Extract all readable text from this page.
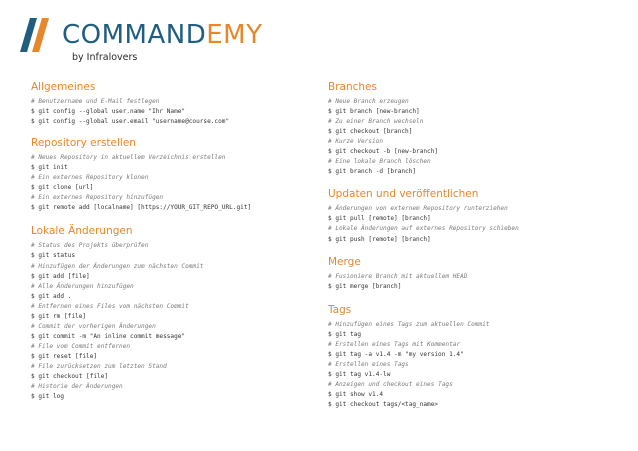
COMMANDEMY
by Infralovers
Allgemeines
# Benutzername und E-Mail festlegen
$ git config --global user.name "Ihr Name"
$ git config --global user.email "username@course.com"
Repository erstellen
# Neues Repository in aktuellem Verzeichnis erstellen
$ git init
# Ein externes Repository klonen
$ git clone [url]
# Ein externes Repository hinzufügen
$ git remote add [localname] [https://YOUR_GIT_REPO_URL.git]
Lokale Änderungen
# Status des Projekts überprüfen
$ git status
# Hinzufügen der Änderungen zum nächsten Commit
$ git add [file]
# Alle Änderungen hinzufügen
$ git add .
# Entfernen eines Files vom nächsten Commit
$ git rm [file]
# Commit der vorherigen Änderungen
$ git commit -m "An inline commit message"
# File vom Commit entfernen
$ git reset [file]
# File zurücksetzen zum letzten Stand
$ git checkout [file]
# Historie der Änderungen
$ git log
Branches
# Neue Branch erzeugen
$ git branch [new-branch]
# Zu einer Branch wechseln
$ git checkout [branch]
# Kurze Version
$ git checkout -b [new-branch]
# Eine lokale Branch löschen
$ git branch -d [branch]
Updaten und veröffentlichen
# Änderungen von externem Repository runterziehen
$ git pull [remote] [branch]
# Lokale Änderungen auf externes Repository schieben
$ git push [remote] [branch]
Merge
# Fusioniere Branch mit aktuellem HEAD
$ git merge [branch]
Tags
# Hinzufügen eines Tags zum aktuellen Commit
$ git tag
# Erstellen eines Tags mit Kommentar
$ git tag -a v1.4 -m "my version 1.4"
# Erstellen eines Tags
$ git tag v1.4-lw
# Anzeigen und checkout eines Tags
$ git show v1.4
$ git checkout tags/<tag_name>
